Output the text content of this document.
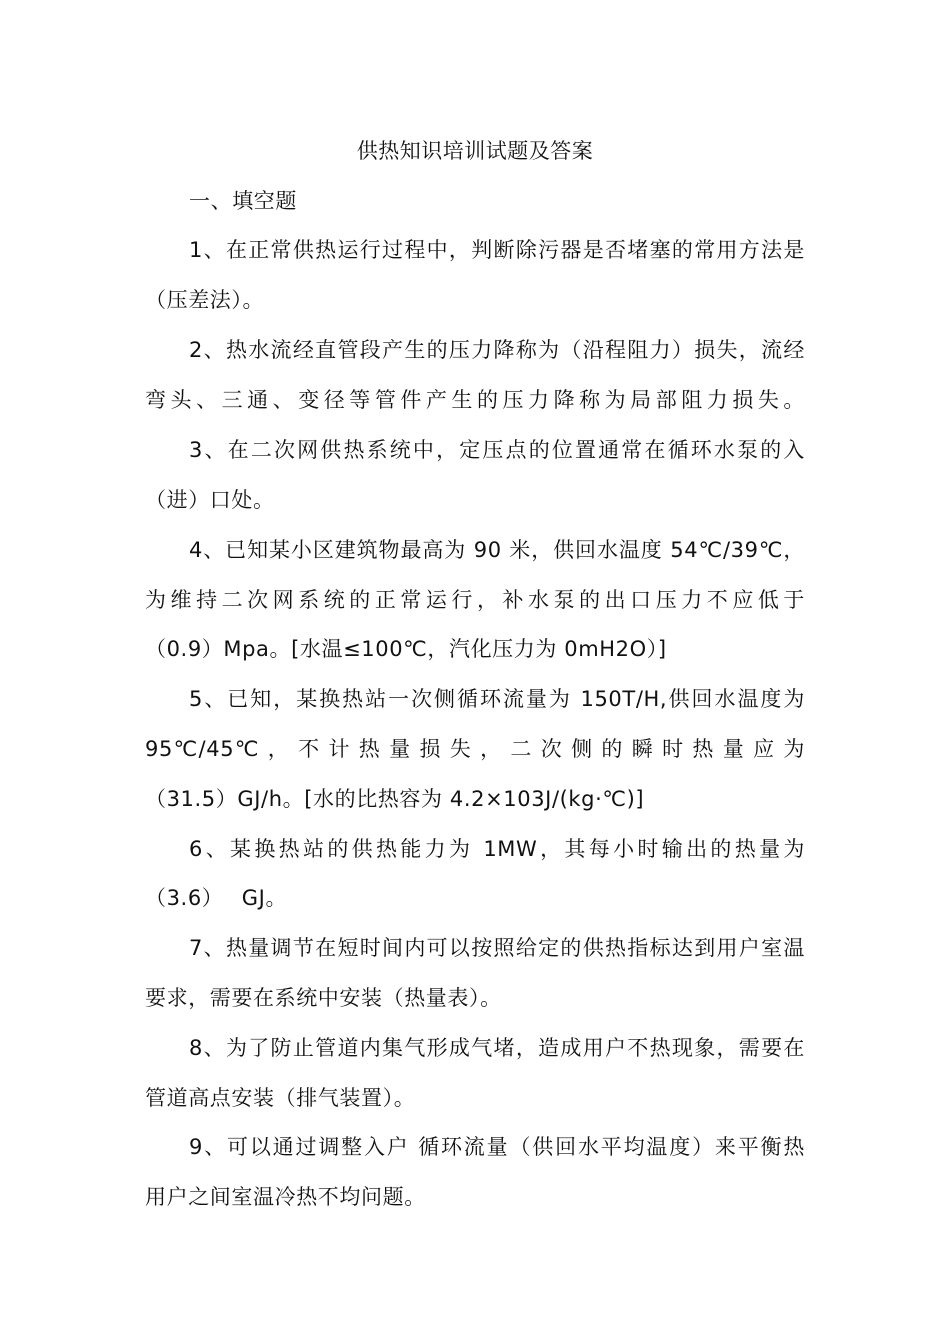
供热知识培训试题及答案
一、填空题
1、在正常供热运行过程中，判断除污器是否堵塞的常用方法是
（压差法）。
2、热水流经直管段产生的压力降称为（沿程阻力）损失，流经
弯头、三通、变径等管件产生的压力降称为局部阻力损失。
3、在二次网供热系统中，定压点的位置通常在循环水泵的入
（进）口处。
4、已知某小区建筑物最高为 90 米，供回水温度 54℃/39℃，
为维持二次网系统的正常运行，补水泵的出口压力不应低于
（0.9）Mpa。[水温≤100℃，汽化压力为 0mH2O）]
5、已知，某换热站一次侧循环流量为 150T/H,供回水温度为
95℃/45℃ ， 不 计 热 量 损 失 ， 二 次 侧 的 瞬 时 热 量 应 为
（31.5）GJ/h。[水的比热容为 4.2×103J/(kg·℃)]
6、某换热站的供热能力为 1MW，其每小时输出的热量为
（3.6）　 GJ。
7、热量调节在短时间内可以按照给定的供热指标达到用户室温
要求，需要在系统中安装（热量表）。
8、为了防止管道内集气形成气堵，造成用户不热现象，需要在
管道高点安装（排气装置）。
9、可以通过调整入户 循环流量（供回水平均温度）来平衡热
用户之间室温冷热不均问题。
